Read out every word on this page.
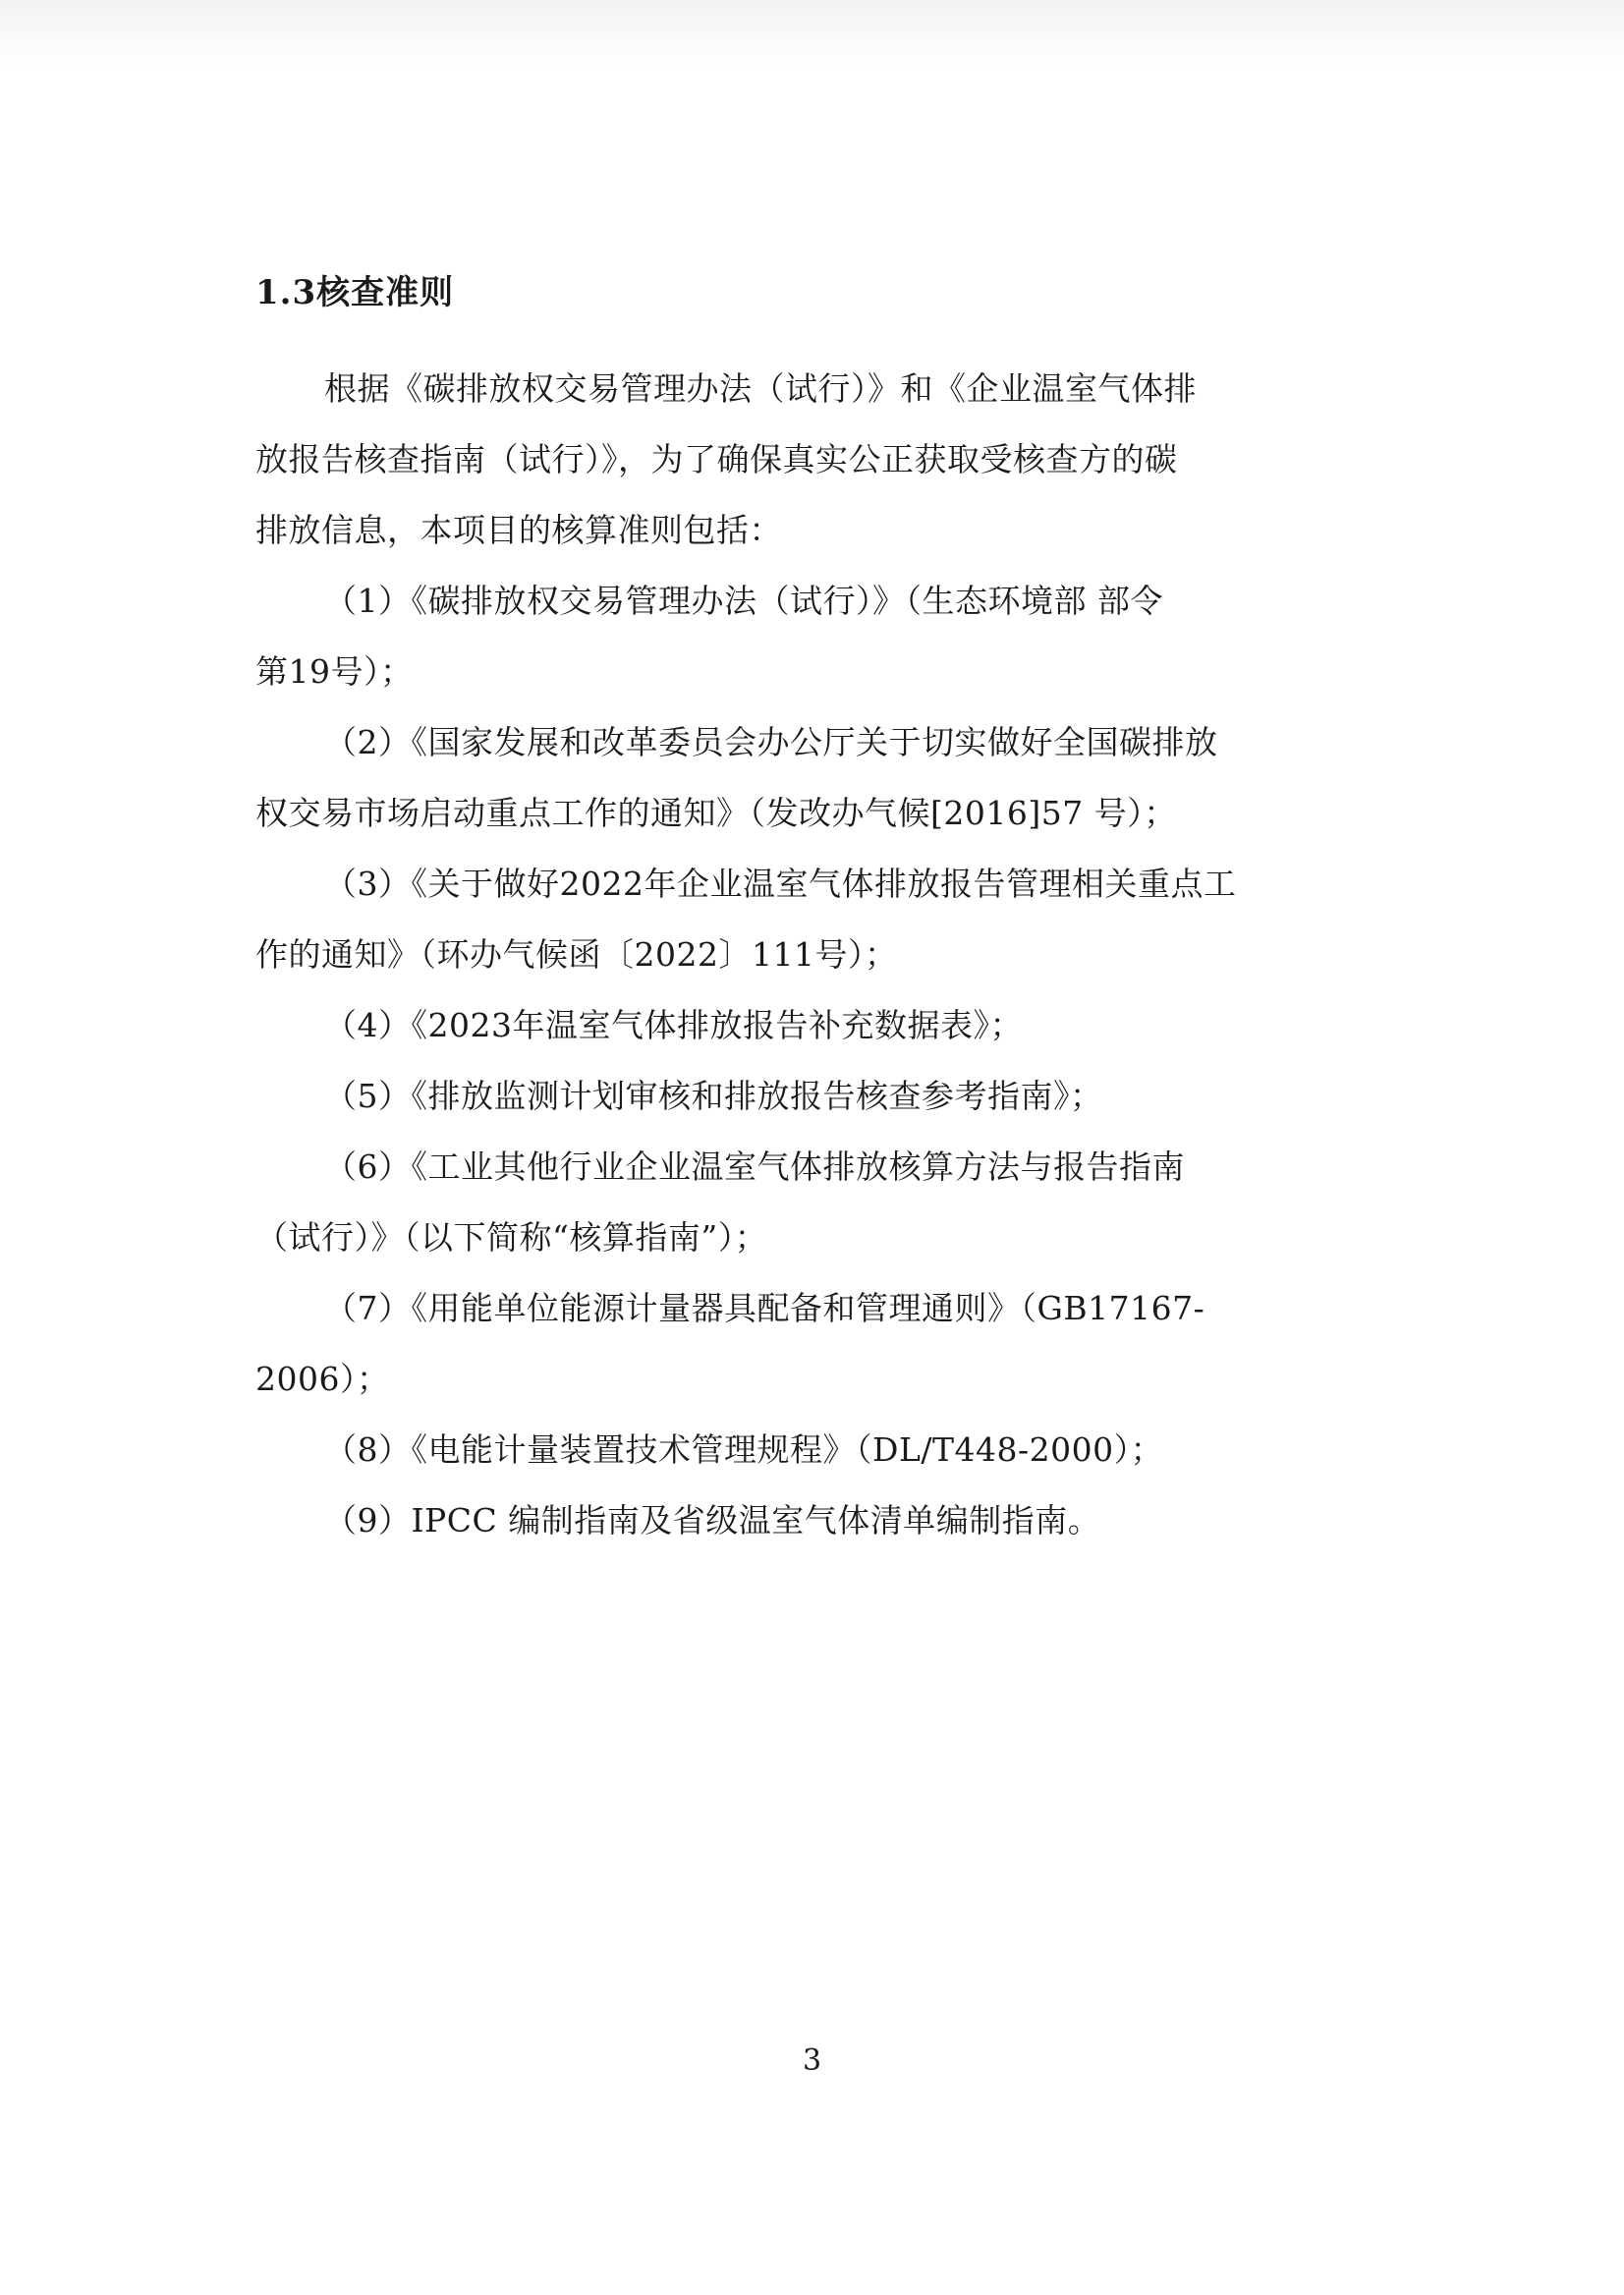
1.3核查准则

根据《碳排放权交易管理办法（试行）》和《企业温室气体排

放报告核查指南（试行）》，为了确保真实公正获取受核查方的碳

排放信息，本项目的核算准则包括：

（1）《碳排放权交易管理办法（试行）》（生态环境部 部令

第19号）；

（2）《国家发展和改革委员会办公厅关于切实做好全国碳排放

权交易市场启动重点工作的通知》（发改办气候[2016]57 号）；

（3）《关于做好2022年企业温室气体排放报告管理相关重点工

作的通知》（环办气候函〔2022〕111号）；

（4）《2023年温室气体排放报告补充数据表》；

（5）《排放监测计划审核和排放报告核查参考指南》；

（6）《工业其他行业企业温室气体排放核算方法与报告指南

（试行）》（以下简称“核算指南”）；

（7）《用能单位能源计量器具配备和管理通则》（GB17167-

2006）；

（8）《电能计量装置技术管理规程》（DL/T448-2000）；

（9）IPCC 编制指南及省级温室气体清单编制指南。

3
